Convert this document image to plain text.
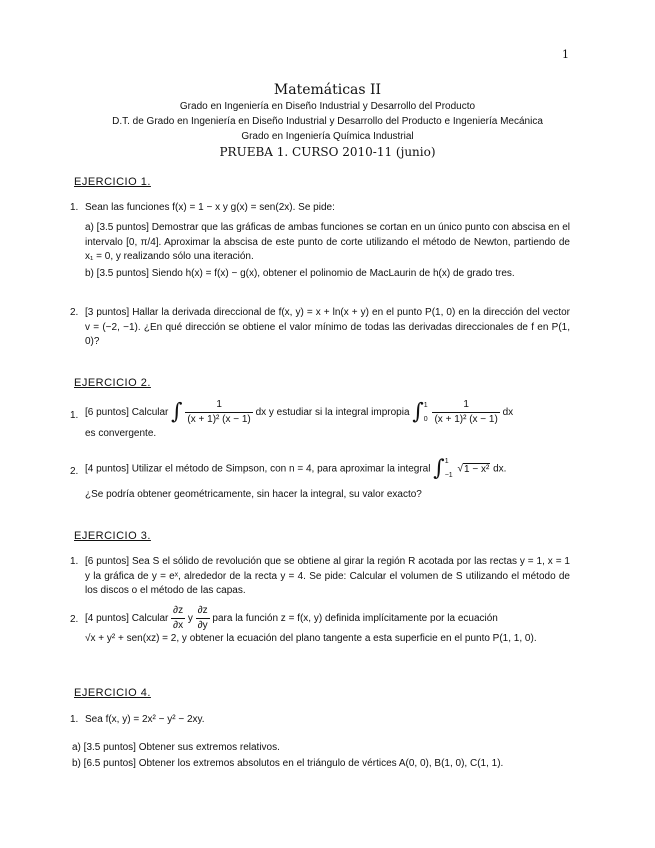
1
Matemáticas II
Grado en Ingeniería en Diseño Industrial y Desarrollo del Producto
D.T. de Grado en Ingeniería en Diseño Industrial y Desarrollo del Producto e Ingeniería Mecánica
Grado en Ingeniería Química Industrial
PRUEBA 1. CURSO 2010-11 (junio)
EJERCICIO 1.
1. Sean las funciones f(x) = 1 − x y g(x) = sen(2x). Se pide:
a) [3.5 puntos] Demostrar que las gráficas de ambas funciones se cortan en un único punto con abscisa en el intervalo [0, π/4]. Aproximar la abscisa de este punto de corte utilizando el método de Newton, partiendo de x₁ = 0, y realizando sólo una iteración.
b) [3.5 puntos] Siendo h(x) = f(x) − g(x), obtener el polinomio de MacLaurin de h(x) de grado tres.
2. [3 puntos] Hallar la derivada direccional de f(x, y) = x + ln(x + y) en el punto P(1, 0) en la dirección del vector v = (−2, −1). ¿En qué dirección se obtiene el valor mínimo de todas las derivadas direccionales de f en P(1, 0)?
EJERCICIO 2.
1. [6 puntos] Calcular ∫ $\frac{1}{\text{(x + 1)² (x − 1)}}$ dx y estudiar si la integral impropia ∫ 1
0
$\frac{1}{\text{(x + 1)² (x − 1)}}$ dx
es convergente.
2. [4 puntos] Utilizar el método de Simpson, con n = 4, para aproximar la integral ∫ 1
−1
√1 − x² dx.
¿Se podría obtener geométricamente, sin hacer la integral, su valor exacto?
EJERCICIO 3.
1. [6 puntos] Sea S el sólido de revolución que se obtiene al girar la región R acotada por las rectas y = 1, x = 1 y la gráfica de y = eˣ, alrededor de la recta y = 4. Se pide: Calcular el volumen de S utilizando el método de los discos o el método de las capas.
2. [4 puntos] Calcular $\frac{\partial z}{\partial x}$ y $\frac{\partial z}{\partial y}$ para la función z = f(x, y) definida implícitamente por la ecuación
√x + y² + sen(xz) = 2, y obtener la ecuación del plano tangente a esta superficie en el punto P(1, 1, 0).
EJERCICIO 4.
1. Sea f(x, y) = 2x² − y² − 2xy.
a) [3.5 puntos] Obtener sus extremos relativos.
b) [6.5 puntos] Obtener los extremos absolutos en el triángulo de vértices A(0, 0), B(1, 0), C(1, 1).
